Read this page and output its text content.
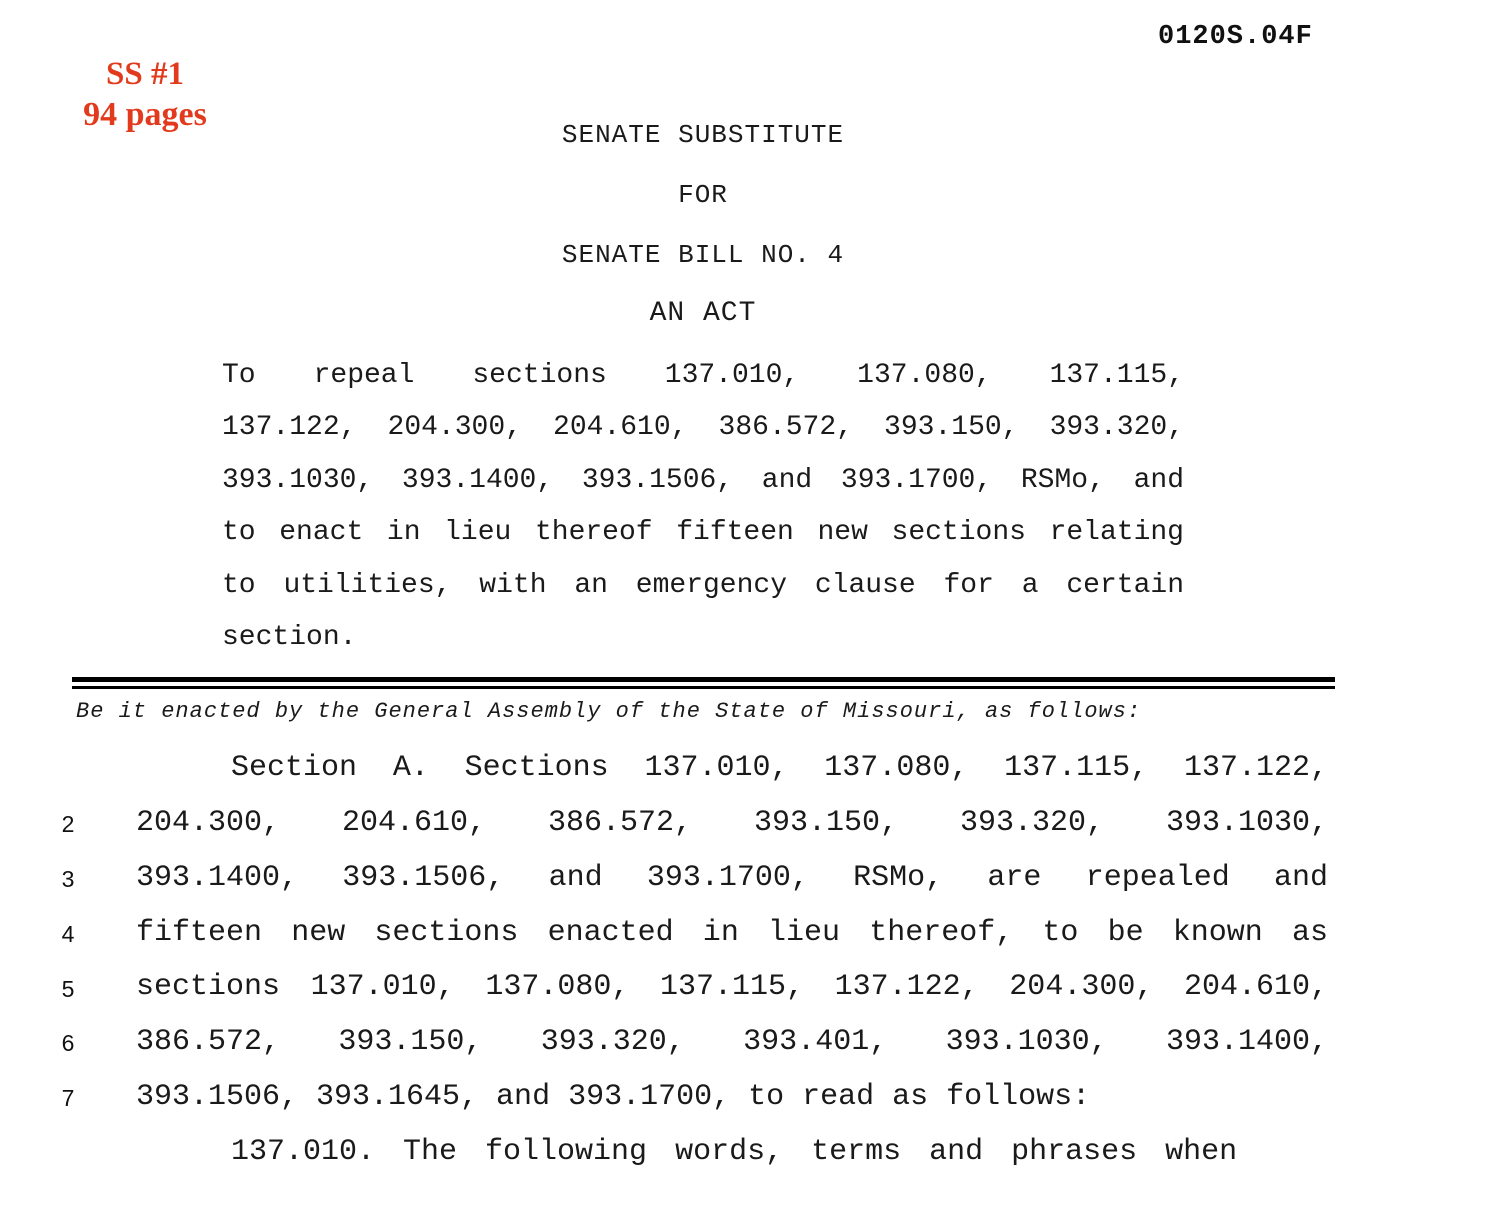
0120S.04F
SS #1
94 pages
SENATE SUBSTITUTE
FOR
SENATE BILL NO. 4
AN ACT
To repeal sections 137.010, 137.080, 137.115,
137.122, 204.300, 204.610, 386.572, 393.150, 393.320,
393.1030, 393.1400, 393.1506, and 393.1700, RSMo, and
to enact in lieu thereof fifteen new sections relating
to utilities, with an emergency clause for a certain
section.
Be it enacted by the General Assembly of the State of Missouri, as follows:
Section A. Sections 137.010, 137.080, 137.115, 137.122,
2 204.300, 204.610, 386.572, 393.150, 393.320, 393.1030,
3 393.1400, 393.1506, and 393.1700, RSMo, are repealed and
4 fifteen new sections enacted in lieu thereof, to be known as
5 sections 137.010, 137.080, 137.115, 137.122, 204.300, 204.610,
6 386.572, 393.150, 393.320, 393.401, 393.1030, 393.1400,
7 393.1506, 393.1645, and 393.1700, to read as follows:
137.010. The following words, terms and phrases when
